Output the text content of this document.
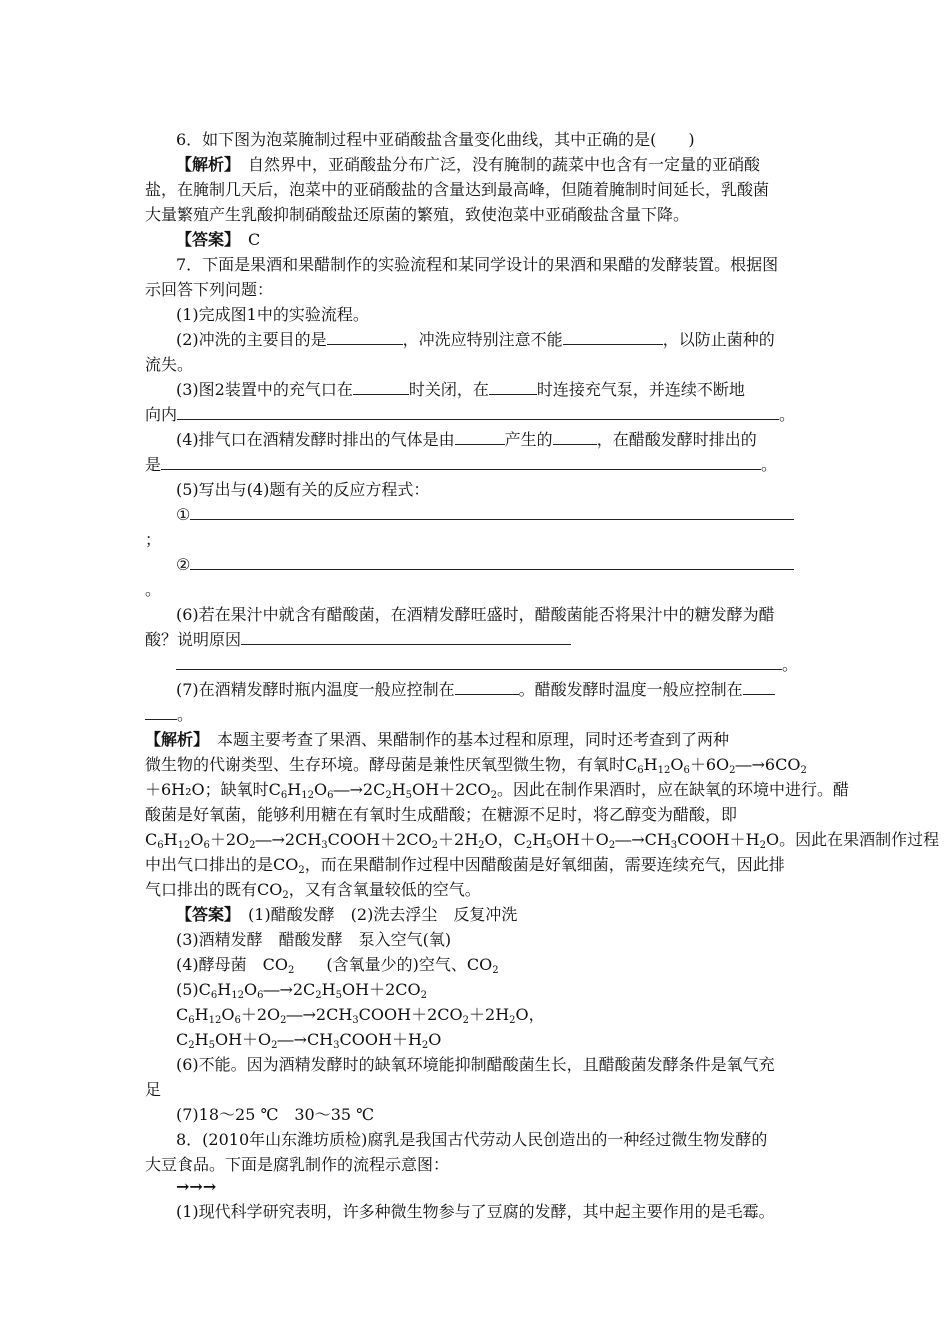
6．如下图为泡菜腌制过程中亚硝酸盐含量变化曲线，其中正确的是(　　)
【解析】　自然界中，亚硝酸盐分布广泛，没有腌制的蔬菜中也含有一定量的亚硝酸
盐，在腌制几天后，泡菜中的亚硝酸盐的含量达到最高峰，但随着腌制时间延长，乳酸菌
大量繁殖产生乳酸抑制硝酸盐还原菌的繁殖，致使泡菜中亚硝酸盐含量下降。
【答案】　C
7．下面是果酒和果醋制作的实验流程和某同学设计的果酒和果醋的发酵装置。根据图
示回答下列问题：
(1)完成图1中的实验流程。
(2)冲洗的主要目的是	，冲洗应特别注意不能	，以防止菌种的
流失。
(3)图2装置中的充气口在	时关闭，在	时连接充气泵，并连续不断地
向内	。
(4)排气口在酒精发酵时排出的气体是由	产生的	，在醋酸发酵时排出的
是	。
(5)写出与(4)题有关的反应方程式：
①
；
②
。
(6)若在果汁中就含有醋酸菌，在酒精发酵旺盛时，醋酸菌能否将果汁中的糖发酵为醋
酸？说明原因
。
(7)在酒精发酵时瓶内温度一般应控制在	。醋酸发酵时温度一般应控制在
。
【解析】　本题主要考查了果酒、果醋制作的基本过程和原理，同时还考查到了两种
微生物的代谢类型、生存环境。酵母菌是兼性厌氧型微生物，有氧时$C_6H_{12}O_6+6O_2―\to 6CO_2$
＋6H₂O；缺氧时$C_6H_{12}O_6―\to 2C_2H_5OH+2CO_2$。因此在制作果酒时，应在缺氧的环境中进行。醋
酸菌是好氧菌，能够利用糖在有氧时生成醋酸；在糖源不足时，将乙醇变为醋酸，即
$C_6H_{12}O_6+2O_2―\to 2CH_3COOH+2CO_2+2H_2O$，$C_2H_5OH+O_2―\to CH_3COOH+H_2O$。因此在果酒制作过程
中出气口排出的是$CO_2$，而在果醋制作过程中因醋酸菌是好氧细菌，需要连续充气，因此排
气口排出的既有$CO_2$，又有含氧量较低的空气。
【答案】　(1)醋酸发酵　(2)洗去浮尘　反复冲洗
(3)酒精发酵　醋酸发酵　泵入空气(氧)
(4)酵母菌　$CO_2$　　(含氧量少的)空气、$CO_2$
$(5)C_6H_{12}O_6―\to 2C_2H_5OH+2CO_2$
$C_6H_{12}O_6+2O_2―\to 2CH_3COOH+2CO_2+2H_2O$，
$C_2H_5OH+O_2―\to CH_3COOH+H_2O$
(6)不能。因为酒精发酵时的缺氧环境能抑制醋酸菌生长，且醋酸菌发酵条件是氧气充
足
(7)18～25 ℃　30～35 ℃
8．(2010年山东潍坊质检)腐乳是我国古代劳动人民创造出的一种经过微生物发酵的
大豆食品。下面是腐乳制作的流程示意图：
→→→
(1)现代科学研究表明，许多种微生物参与了豆腐的发酵，其中起主要作用的是毛霉。
